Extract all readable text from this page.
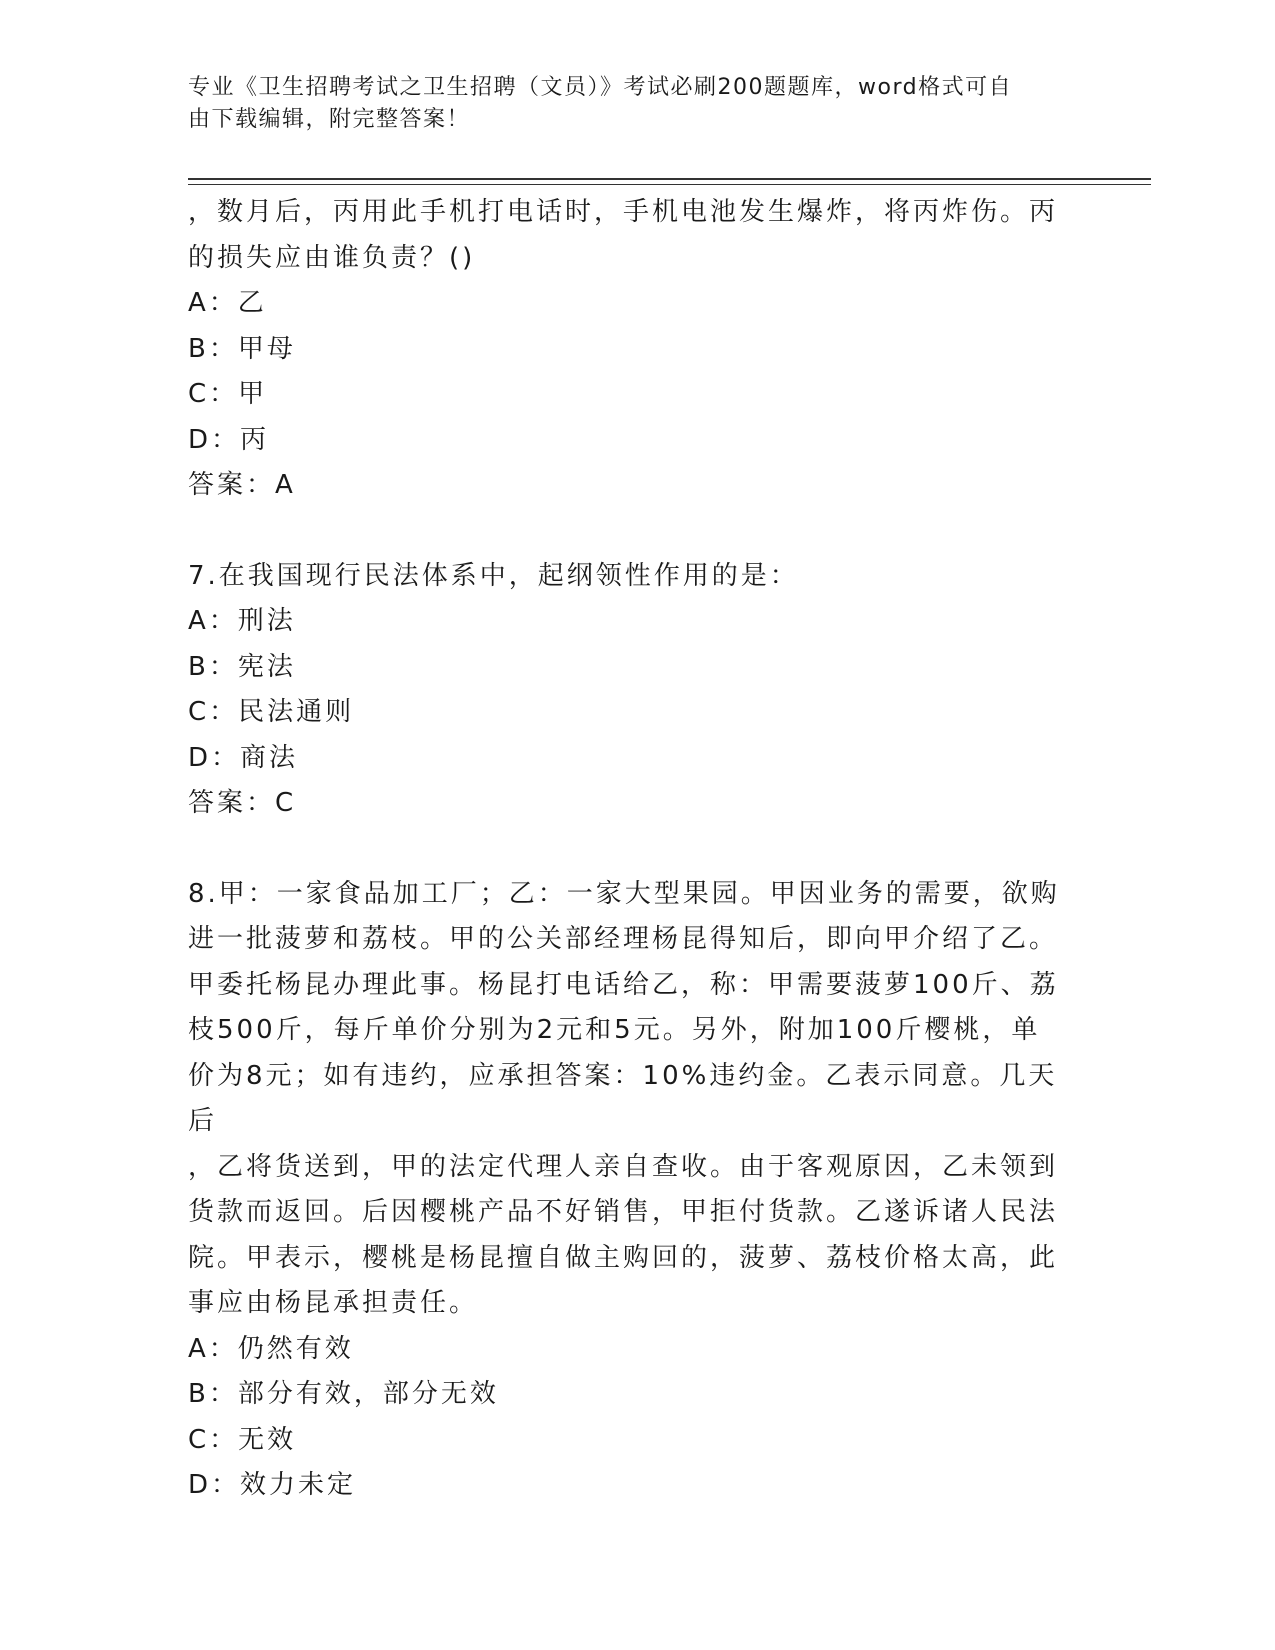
专业《卫生招聘考试之卫生招聘（文员）》考试必刷200题题库，word格式可自
由下载编辑，附完整答案！

，数月后，丙用此手机打电话时，手机电池发生爆炸，将丙炸伤。丙

的损失应由谁负责？()

A：乙

B：甲母

C：甲

D：丙

答案：A

7.在我国现行民法体系中，起纲领性作用的是：

A：刑法

B：宪法

C：民法通则

D：商法

答案：C

8.甲：一家食品加工厂；乙：一家大型果园。甲因业务的需要，欲购

进一批菠萝和荔枝。甲的公关部经理杨昆得知后，即向甲介绍了乙。

甲委托杨昆办理此事。杨昆打电话给乙，称：甲需要菠萝100斤、荔

枝500斤，每斤单价分别为2元和5元。另外，附加100斤樱桃，单

价为8元；如有违约，应承担答案：10%违约金。乙表示同意。几天后

，乙将货送到，甲的法定代理人亲自查收。由于客观原因，乙未领到

货款而返回。后因樱桃产品不好销售，甲拒付货款。乙遂诉诸人民法

院。甲表示，樱桃是杨昆擅自做主购回的，菠萝、荔枝价格太高，此

事应由杨昆承担责任。

A：仍然有效

B：部分有效，部分无效

C：无效

D：效力未定
